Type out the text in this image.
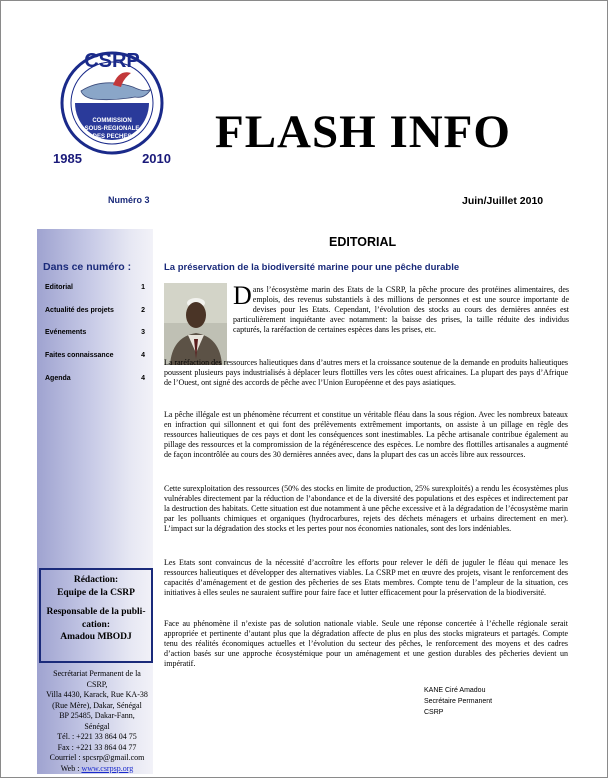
CSRP
COMMISSION
SOUS-REGIONALE
DES PECHES
1985	2010
FLASH INFO
Numéro 3	Juin/Juillet 2010
Dans ce numéro :
Editorial	1
Actualité des projets	2
Evénements	3
Faites connaissance	4
Agenda	4
Rédaction:
Equipe de la CSRP
Responsable de la publi-
cation:
Amadou MBODJ
Secrétariat Permanent de la
CSRP,
Villa 4430, Karack, Rue KA-38
(Rue Mère), Dakar, Sénégal
BP 25485, Dakar-Fann,
Sénégal
Tél. : +221 33 864 04 75
Fax : +221 33 864 04 77
Courriel : spcsrp@gmail.com
Web : www.csrpsp.org
EDITORIAL
La préservation de la biodiversité marine pour une pêche durable
Dans l’écosystème marin des Etats de la CSRP, la pêche procure des protéines alimentaires, des emplois, des revenus substantiels à des millions de personnes et est une source importante de devises pour les Etats. Cependant, l’évolution des stocks au cours des dernières années est particulièrement inquiétante avec notamment: la baisse des prises, la taille réduite des individus capturés, la raréfaction de certaines espèces dans les prises, etc.
La raréfaction des ressources halieutiques dans d’autres mers et la croissance soutenue de la demande en produits halieutiques poussent plusieurs pays industrialisés à déplacer leurs flottilles vers les côtes ouest africaines. La plupart des pays d’Afrique de l’Ouest, ont signé des accords de pêche avec l’Union Européenne et des pays asiatiques.
La pêche illégale est un phénomène récurrent et constitue un véritable fléau dans la sous région. Avec les nombreux bateaux en infraction qui sillonnent et qui font des prélèvements extrêmement importants, on assiste à un pillage en règle des ressources halieutiques de ces pays et dont les conséquences sont inestimables. La pêche artisanale contribue également au pillage des ressources et la compromission de la régénérescence des espèces. Le nombre des flottilles artisanales a augmenté de façon incontrôlée au cours des 30 dernières années avec, dans la plupart des cas un accès libre aux ressources.
Cette surexploitation des ressources (50% des stocks en limite de production, 25% surexploités) a rendu les écosystèmes plus vulnérables directement par la réduction de l’abondance et de la diversité des populations et des espèces et indirectement par la destruction des habitats. Cette situation est due notamment à une pêche excessive et à la dégradation de l’écosystème marin par les polluants chimiques et organiques (hydrocarbures, rejets des déchets ménagers et urbains directement en mer). L’impact sur la dégradation des stocks et les pertes pour nos économies nationales, sont des lors indéniables.
Les Etats sont convaincus de la nécessité d’accroître les efforts pour relever le défi de juguler le fléau qui menace les ressources halieutiques et développer des alternatives viables. La CSRP met en œuvre des projets, visant le renforcement des capacités d’aménagement et de gestion des pêcheries de ses Etats membres. Compte tenu de l’ampleur de la situation, ces initiatives à elles seules ne sauraient suffire pour faire face et lutter efficacement pour la préservation de la biodiversité.
Face au phénomène il n’existe pas de solution nationale viable. Seule une réponse concertée à l’échelle régionale serait appropriée et pertinente d’autant plus que la dégradation affecte de plus en plus des stocks migrateurs et partagés. Compte tenu des réalités économiques actuelles et l’évolution du secteur des pêches, le renforcement des moyens et des cadres d’action basés sur une approche écosystémique pour un aménagement et une gestion durables des pêcheries devient un impératif.
KANE Ciré Amadou
Secrétaire Permanent
CSRP
